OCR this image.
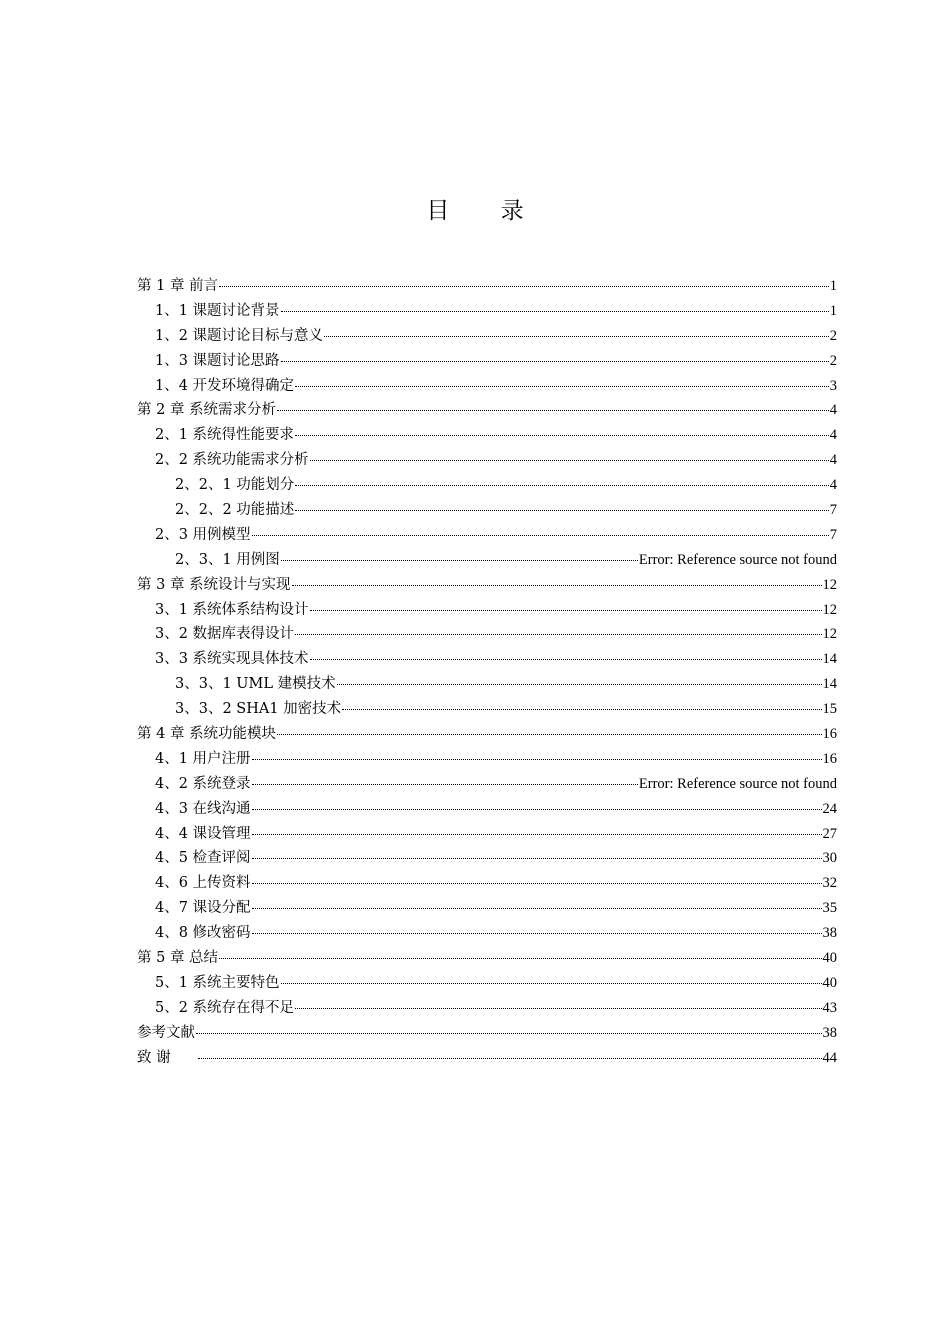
目 录
第 1 章 前言	1
1、1 课题讨论背景	1
1、2 课题讨论目标与意义	2
1、3 课题讨论思路	2
1、4 开发环境得确定	3
第 2 章 系统需求分析	4
2、1 系统得性能要求	4
2、2 系统功能需求分析	4
2、2、1 功能划分	4
2、2、2 功能描述	7
2、3 用例模型	7
2、3、1 用例图	Error: Reference source not found
第 3 章 系统设计与实现	12
3、1 系统体系结构设计	12
3、2 数据库表得设计	12
3、3 系统实现具体技术	14
3、3、1 UML 建模技术	14
3、3、2 SHA1 加密技术	15
第 4 章 系统功能模块	16
4、1 用户注册	16
4、2 系统登录	Error: Reference source not found
4、3 在线沟通	24
4、4 课设管理	27
4、5 检查评阅	30
4、6 上传资料	32
4、7 课设分配	35
4、8 修改密码	38
第 5 章 总结	40
5、1 系统主要特色	40
5、2 系统存在得不足	43
参考文献	38
致 谢	44
